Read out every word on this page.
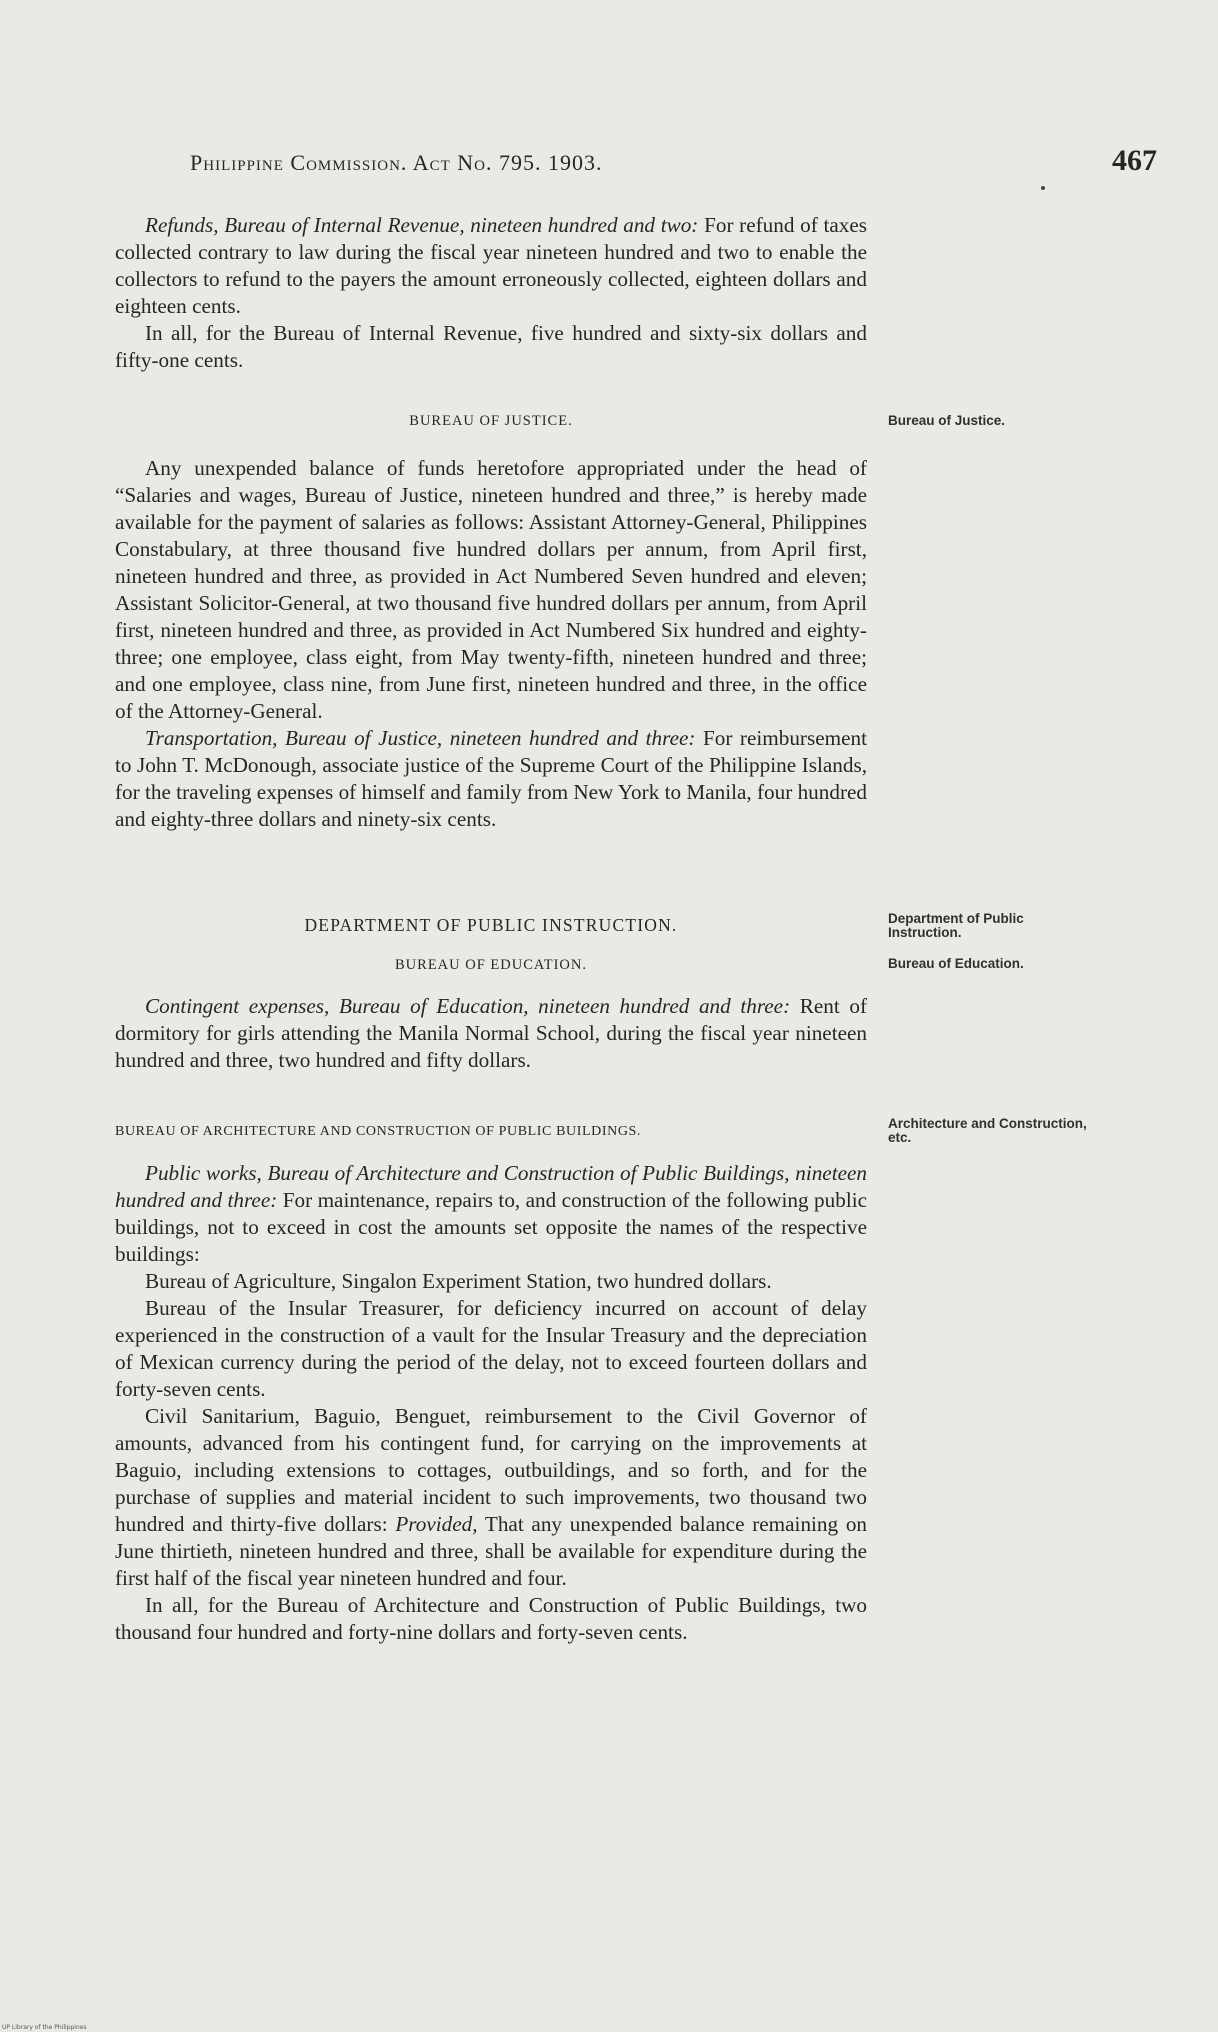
Philippine Commission. Act No. 795. 1903.	467

Refunds, Bureau of Internal Revenue, nineteen hundred and two: For refund of taxes collected contrary to law during the fiscal year nineteen hundred and two to enable the collectors to refund to the payers the amount erroneously collected, eighteen dollars and eighteen cents.

In all, for the Bureau of Internal Revenue, five hundred and sixty-six dollars and fifty-one cents.

BUREAU OF JUSTICE.	Bureau of Justice.

Any unexpended balance of funds heretofore appropriated under the head of “Salaries and wages, Bureau of Justice, nineteen hundred and three,” is hereby made available for the payment of salaries as follows: Assistant Attorney-General, Philippines Constabulary, at three thousand five hundred dollars per annum, from April first, nineteen hundred and three, as provided in Act Numbered Seven hundred and eleven; Assistant Solicitor-General, at two thousand five hundred dollars per annum, from April first, nineteen hundred and three, as provided in Act Numbered Six hundred and eighty-three; one employee, class eight, from May twenty-fifth, nineteen hundred and three; and one employee, class nine, from June first, nineteen hundred and three, in the office of the Attorney-General.

Transportation, Bureau of Justice, nineteen hundred and three: For reimbursement to John T. McDonough, associate justice of the Supreme Court of the Philippine Islands, for the traveling expenses of himself and family from New York to Manila, four hundred and eighty-three dollars and ninety-six cents.

DEPARTMENT OF PUBLIC INSTRUCTION.	Department of Public Instruction.
BUREAU OF EDUCATION.	Bureau of Education.

Contingent expenses, Bureau of Education, nineteen hundred and three: Rent of dormitory for girls attending the Manila Normal School, during the fiscal year nineteen hundred and three, two hundred and fifty dollars.

BUREAU OF ARCHITECTURE AND CONSTRUCTION OF PUBLIC BUILDINGS.
Architecture and Construction, etc.

Public works, Bureau of Architecture and Construction of Public Buildings, nineteen hundred and three: For maintenance, repairs to, and construction of the following public buildings, not to exceed in cost the amounts set opposite the names of the respective buildings:

Bureau of Agriculture, Singalon Experiment Station, two hundred dollars.

Bureau of the Insular Treasurer, for deficiency incurred on account of delay experienced in the construction of a vault for the Insular Treasury and the depreciation of Mexican currency during the period of the delay, not to exceed fourteen dollars and forty-seven cents.

Civil Sanitarium, Baguio, Benguet, reimbursement to the Civil Governor of amounts, advanced from his contingent fund, for carrying on the improvements at Baguio, including extensions to cottages, outbuildings, and so forth, and for the purchase of supplies and material incident to such improvements, two thousand two hundred and thirty-five dollars: Provided, That any unexpended balance remaining on June thirtieth, nineteen hundred and three, shall be available for expenditure during the first half of the fiscal year nineteen hundred and four.

In all, for the Bureau of Architecture and Construction of Public Buildings, two thousand four hundred and forty-nine dollars and forty-seven cents.

UP Library of the Philippines
